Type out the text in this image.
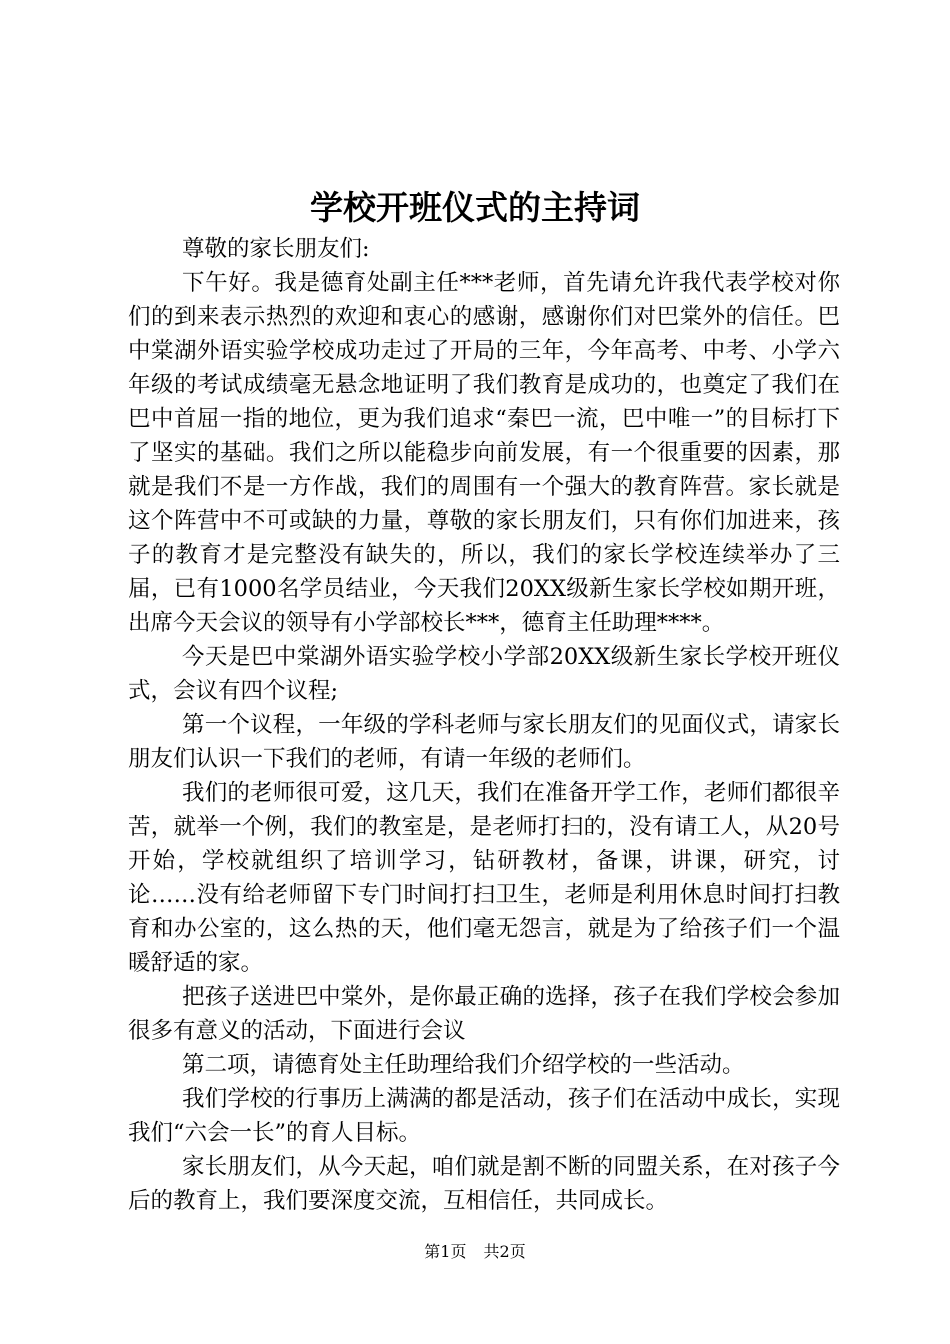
学校开班仪式的主持词

尊敬的家长朋友们:

下午好。我是德育处副主任***老师，首先请允许我代表学校对你们的到来表示热烈的欢迎和衷心的感谢，感谢你们对巴棠外的信任。巴中棠湖外语实验学校成功走过了开局的三年，今年高考、中考、小学六年级的考试成绩毫无悬念地证明了我们教育是成功的，也奠定了我们在巴中首屈一指的地位，更为我们追求“秦巴一流，巴中唯一”的目标打下了坚实的基础。我们之所以能稳步向前发展，有一个很重要的因素，那就是我们不是一方作战，我们的周围有一个强大的教育阵营。家长就是这个阵营中不可或缺的力量，尊敬的家长朋友们，只有你们加进来，孩子的教育才是完整没有缺失的，所以，我们的家长学校连续举办了三届，已有1000名学员结业，今天我们20XX级新生家长学校如期开班，出席今天会议的领导有小学部校长***，德育主任助理****。

今天是巴中棠湖外语实验学校小学部20XX级新生家长学校开班仪式，会议有四个议程;

第一个议程，一年级的学科老师与家长朋友们的见面仪式，请家长朋友们认识一下我们的老师，有请一年级的老师们。

我们的老师很可爱，这几天，我们在准备开学工作，老师们都很辛苦，就举一个例，我们的教室是，是老师打扫的，没有请工人，从20号开始，学校就组织了培训学习，钻研教材，备课，讲课，研究，讨论……没有给老师留下专门时间打扫卫生，老师是利用休息时间打扫教育和办公室的，这么热的天，他们毫无怨言，就是为了给孩子们一个温暖舒适的家。

把孩子送进巴中棠外，是你最正确的选择，孩子在我们学校会参加很多有意义的活动，下面进行会议

第二项，请德育处主任助理给我们介绍学校的一些活动。

我们学校的行事历上满满的都是活动，孩子们在活动中成长，实现我们“六会一长”的育人目标。

家长朋友们，从今天起，咱们就是割不断的同盟关系，在对孩子今后的教育上，我们要深度交流，互相信任，共同成长。

第1页 共2页
